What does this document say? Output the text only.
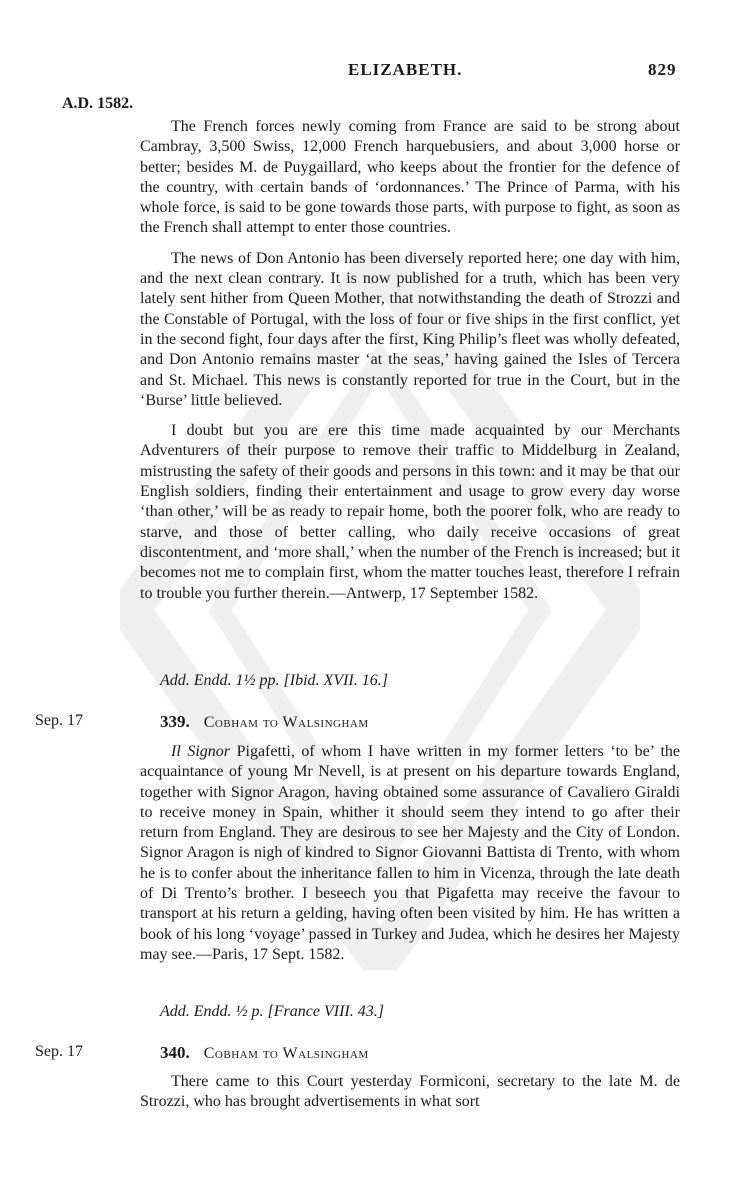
ELIZABETH.	829
A.D. 1582.

The French forces newly coming from France are said to be strong about Cambray, 3,500 Swiss, 12,000 French harquebusiers, and about 3,000 horse or better; besides M. de Puygaillard, who keeps about the frontier for the defence of the country, with certain bands of ‘ordonnances.’ The Prince of Parma, with his whole force, is said to be gone towards those parts, with purpose to fight, as soon as the French shall attempt to enter those countries.

The news of Don Antonio has been diversely reported here; one day with him, and the next clean contrary. It is now published for a truth, which has been very lately sent hither from Queen Mother, that notwithstanding the death of Strozzi and the Constable of Portugal, with the loss of four or five ships in the first conflict, yet in the second fight, four days after the first, King Philip’s fleet was wholly defeated, and Don Antonio remains master ‘at the seas,’ having gained the Isles of Tercera and St. Michael. This news is constantly reported for true in the Court, but in the ‘Burse’ little believed.

I doubt but you are ere this time made acquainted by our Merchants Adventurers of their purpose to remove their traffic to Middelburg in Zealand, mistrusting the safety of their goods and persons in this town: and it may be that our English soldiers, finding their entertainment and usage to grow every day worse ‘than other,’ will be as ready to repair home, both the poorer folk, who are ready to starve, and those of better calling, who daily receive occasions of great discontentment, and ‘more shall,’ when the number of the French is increased; but it becomes not me to complain first, whom the matter touches least, therefore I refrain to trouble you further therein.—Antwerp, 17 September 1582.

Add. Endd. 1½ pp. [Ibid. XVII. 16.]
Sep. 17	339. Cobham to Walsingham

Il Signor Pigafetti, of whom I have written in my former letters ‘to be’ the acquaintance of young Mr Nevell, is at present on his departure towards England, together with Signor Aragon, having obtained some assurance of Cavaliero Giraldi to receive money in Spain, whither it should seem they intend to go after their return from England. They are desirous to see her Majesty and the City of London. Signor Aragon is nigh of kindred to Signor Giovanni Battista di Trento, with whom he is to confer about the inheritance fallen to him in Vicenza, through the late death of Di Trento’s brother. I beseech you that Pigafetta may receive the favour to transport at his return a gelding, having often been visited by him. He has written a book of his long ‘voyage’ passed in Turkey and Judea, which he desires her Majesty may see.—Paris, 17 Sept. 1582.

Add. Endd. ½ p. [France VIII. 43.]
Sep. 17	340. Cobham to Walsingham

There came to this Court yesterday Formiconi, secretary to the late M. de Strozzi, who has brought advertisements in what sort
